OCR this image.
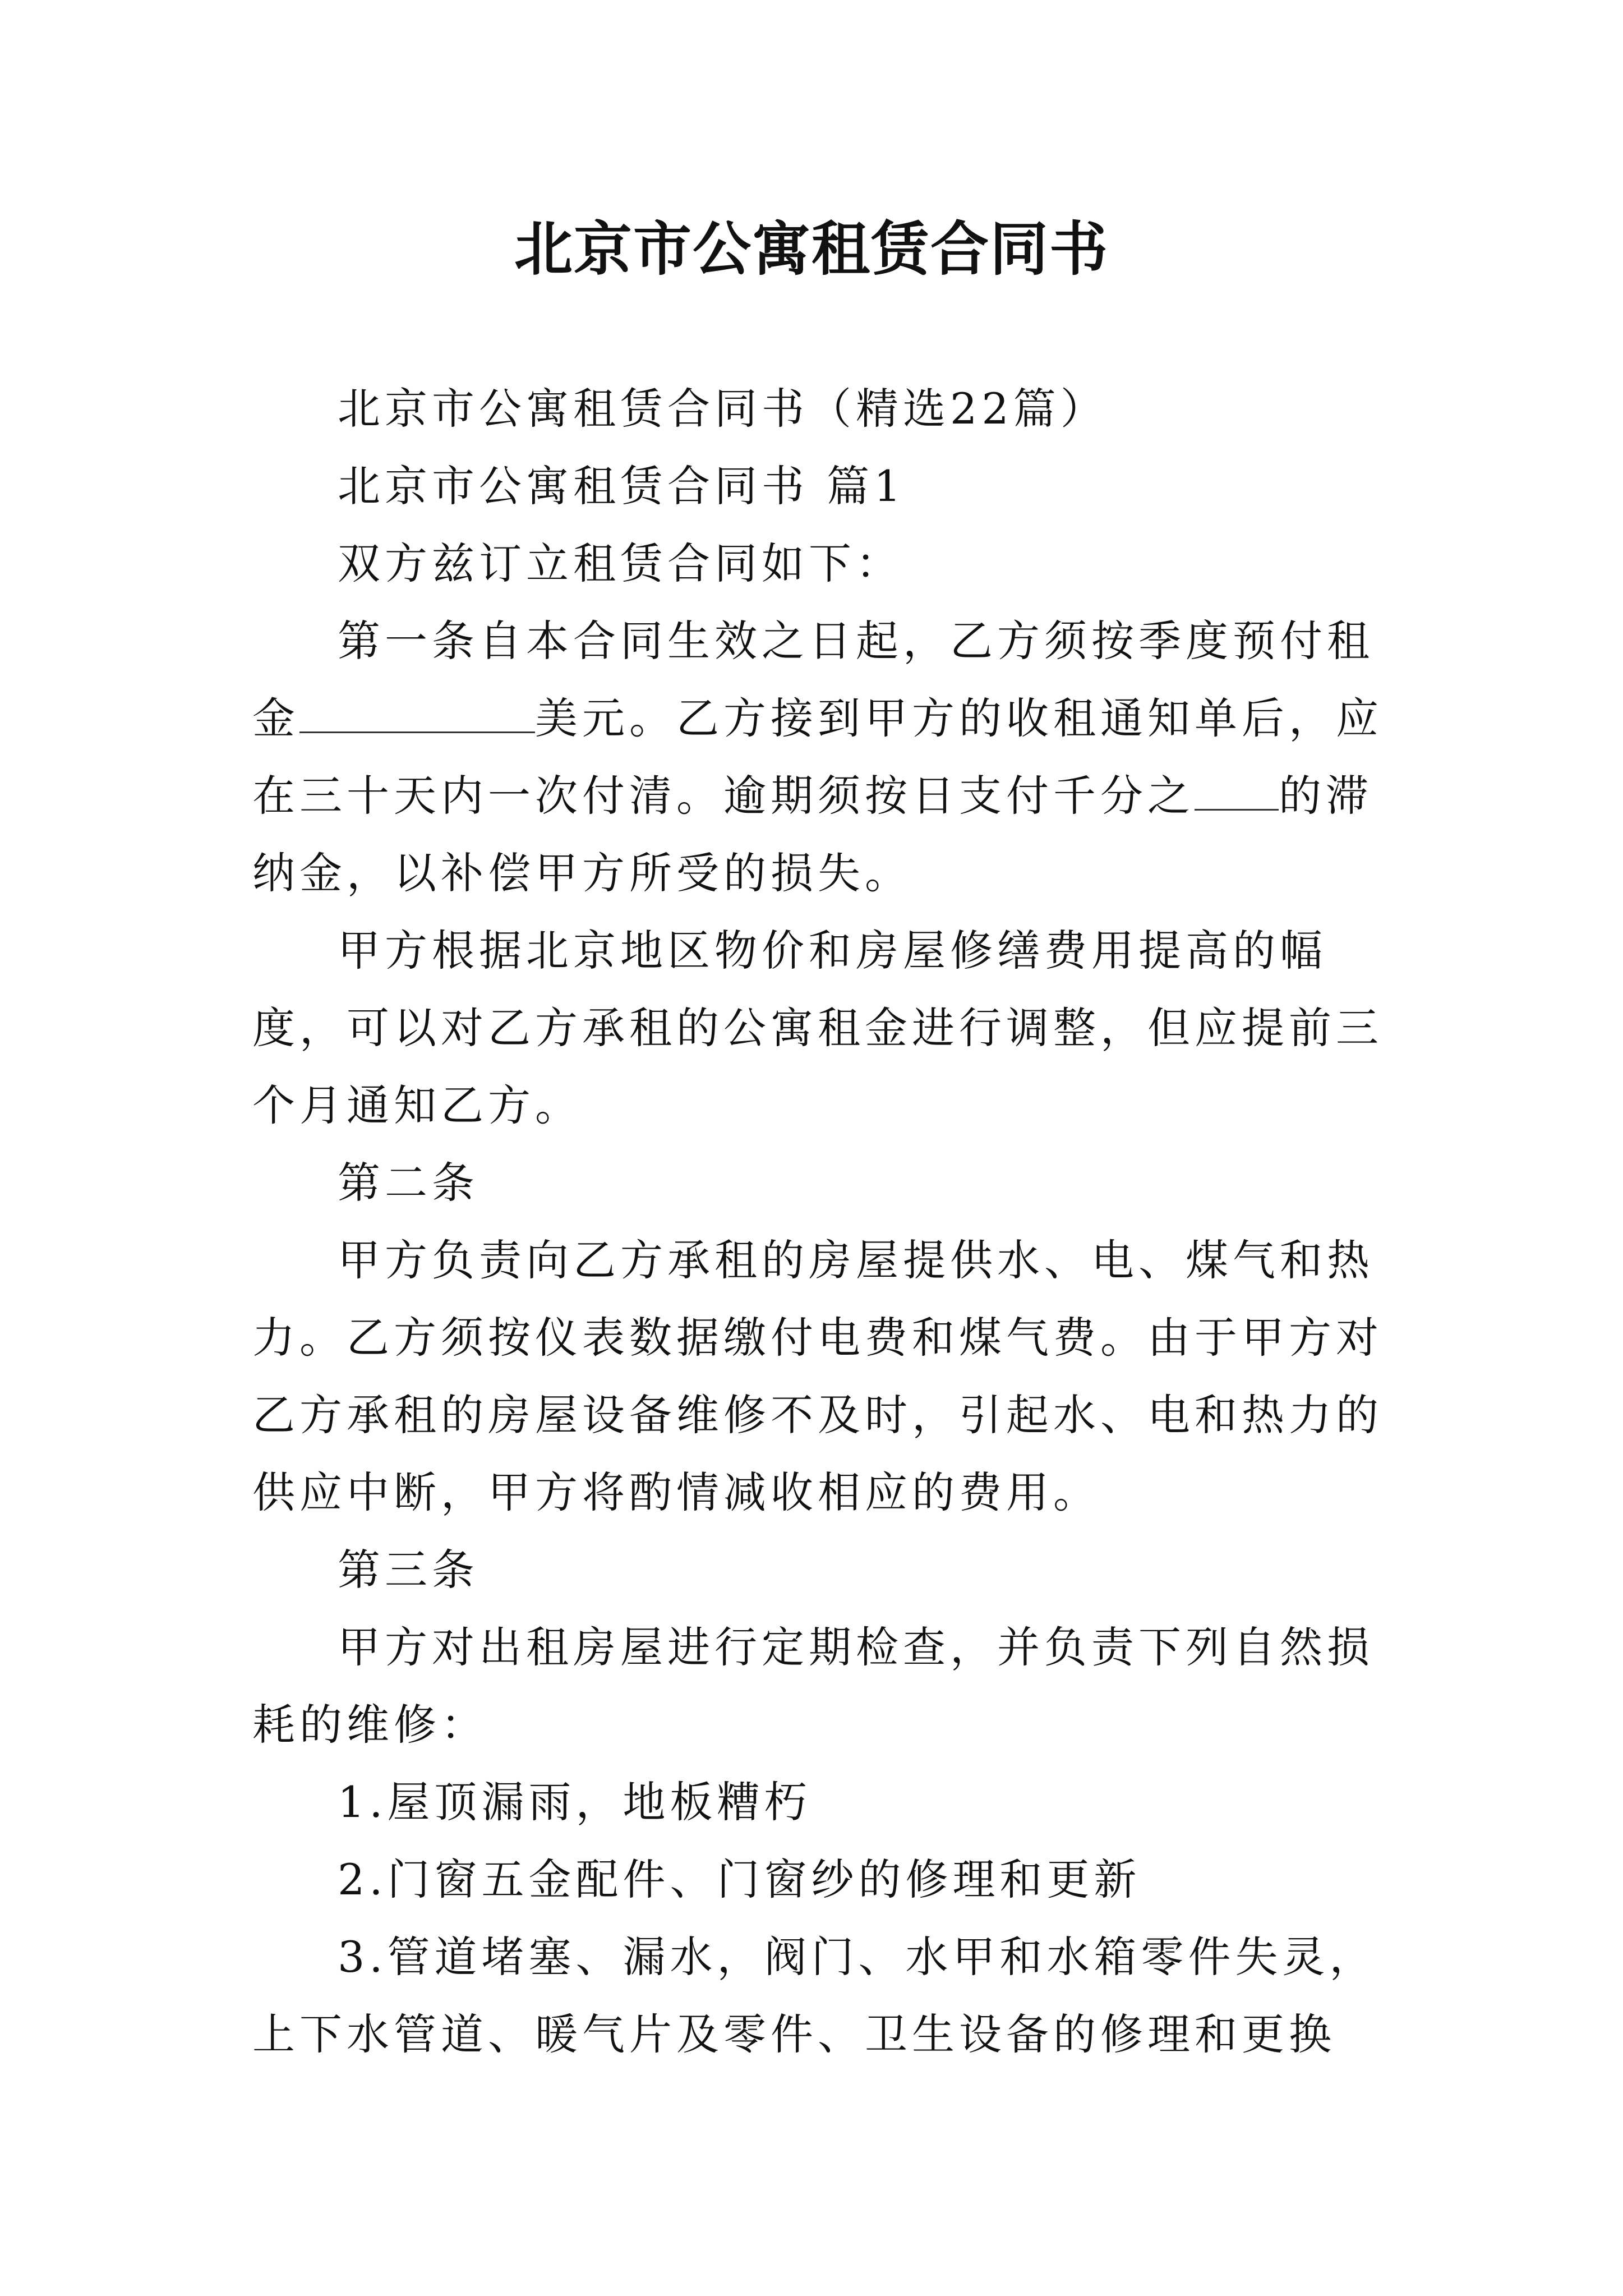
北京市公寓租赁合同书

北京市公寓租赁合同书（精选22篇）

北京市公寓租赁合同书 篇1

双方兹订立租赁合同如下：

第一条自本合同生效之日起，乙方须按季度预付租金	美元。乙方接到甲方的收租通知单后，应在三十天内一次付清。逾期须按日支付千分之 的滞纳金，以补偿甲方所受的损失。

甲方根据北京地区物价和房屋修缮费用提高的幅度，可以对乙方承租的公寓租金进行调整，但应提前三个月通知乙方。

第二条

甲方负责向乙方承租的房屋提供水、电、煤气和热力。乙方须按仪表数据缴付电费和煤气费。由于甲方对乙方承租的房屋设备维修不及时，引起水、电和热力的供应中断，甲方将酌情减收相应的费用。

第三条

甲方对出租房屋进行定期检查，并负责下列自然损耗的维修：

1.屋顶漏雨，地板糟朽

2.门窗五金配件、门窗纱的修理和更新

3.管道堵塞、漏水，阀门、水甲和水箱零件失灵，上下水管道、暖气片及零件、卫生设备的修理和更换
